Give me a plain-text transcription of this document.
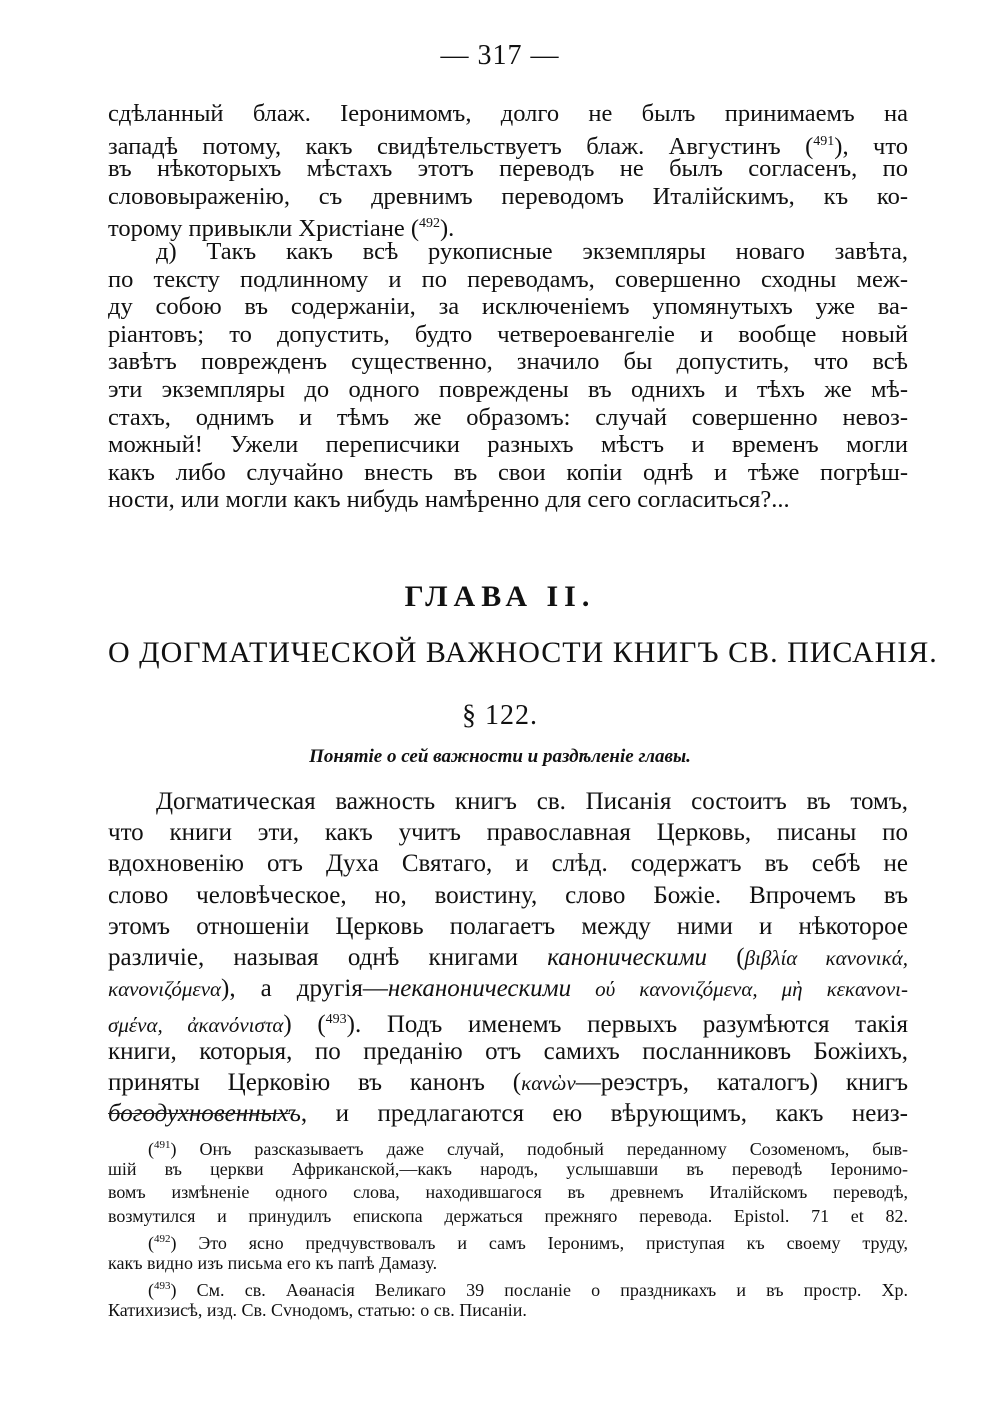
— 317 —
сдѣланный блаж. Іеронимомъ, долго не былъ принимаемъ на
западѣ потому, какъ свидѣтельствуетъ блаж. Августинъ ($^{491}$), что
въ нѣкоторыхъ мѣстахъ этотъ переводъ не былъ согласенъ, по
слововыраженію, съ древнимъ переводомъ Италійскимъ, къ ко-
торому привыкли Христіане ($^{492}$).
д) Такъ какъ всѣ рукописные экземпляры новаго завѣта,
по тексту подлинному и по переводамъ, совершенно сходны меж-
ду собою въ содержаніи, за исключеніемъ упомянутыхъ уже ва-
ріантовъ; то допустить, будто четвероевангеліе и вообще новый
завѣтъ поврежденъ существенно, значило бы допустить, что всѣ
эти экземпляры до одного повреждены въ однихъ и тѣхъ же мѣ-
стахъ, однимъ и тѣмъ же образомъ: случай совершенно невоз-
можный! Ужели переписчики разныхъ мѣстъ и временъ могли
какъ либо случайно внесть въ свои копіи однѣ и тѣже погрѣш-
ности, или могли какъ нибудь намѣренно для сего согласиться?...
ГЛАВА II.
О ДОГМАТИЧЕСКОЙ ВАЖНОСТИ КНИГЪ СВ. ПИСАНІЯ.
§ 122.
Понятіе о сей важности и раздѣленіе главы.
Догматическая важность книгъ св. Писанія состоитъ въ томъ,
что книги эти, какъ учитъ православная Церковь, писаны по
вдохновенію отъ Духа Святаго, и слѣд. содержатъ въ себѣ не
слово человѣческое, но, воистину, слово Божіе. Впрочемъ въ
этомъ отношеніи Церковь полагаетъ между ними и нѣкоторое
различіе, называя однѣ книгами каноническими (βιβλία κανονικά,
κανονιζόμενα), а другія—неканоническими ού κανονιζόμενα, μὴ κεκανονι-
σμένα, ἀκανόνιστα) ($^{493}$). Подъ именемъ первыхъ разумѣются такія
книги, которыя, по преданію отъ самихъ посланниковъ Божіихъ,
приняты Церковію въ канонъ (κανὼν—реэстръ, каталогъ) книгъ
богодухновенныхъ, и предлагаются ею вѣрующимъ, какъ неиз-
($^{491}$) Онъ разсказываетъ даже случай, подобный переданному Созоменомъ, быв-
шій въ церкви Африканской,—какъ народъ, услышавши въ переводѣ Іеронимо-
вомъ измѣненіе одного слова, находившагося въ древнемъ Италійскомъ переводѣ,
возмутился и принудилъ епископа держаться прежняго перевода. Epistol. 71 et 82.
($^{492}$) Это ясно предчувствовалъ и самъ Іеронимъ, приступая къ своему труду,
какъ видно изъ письма его къ папѣ Дамазу.
($^{493}$) См. св. Аѳанасія Великаго 39 посланіе о праздникахъ и въ простр. Хр.
Катихизисѣ, изд. Св. Сvнодомъ, статью: о св. Писаніи.
